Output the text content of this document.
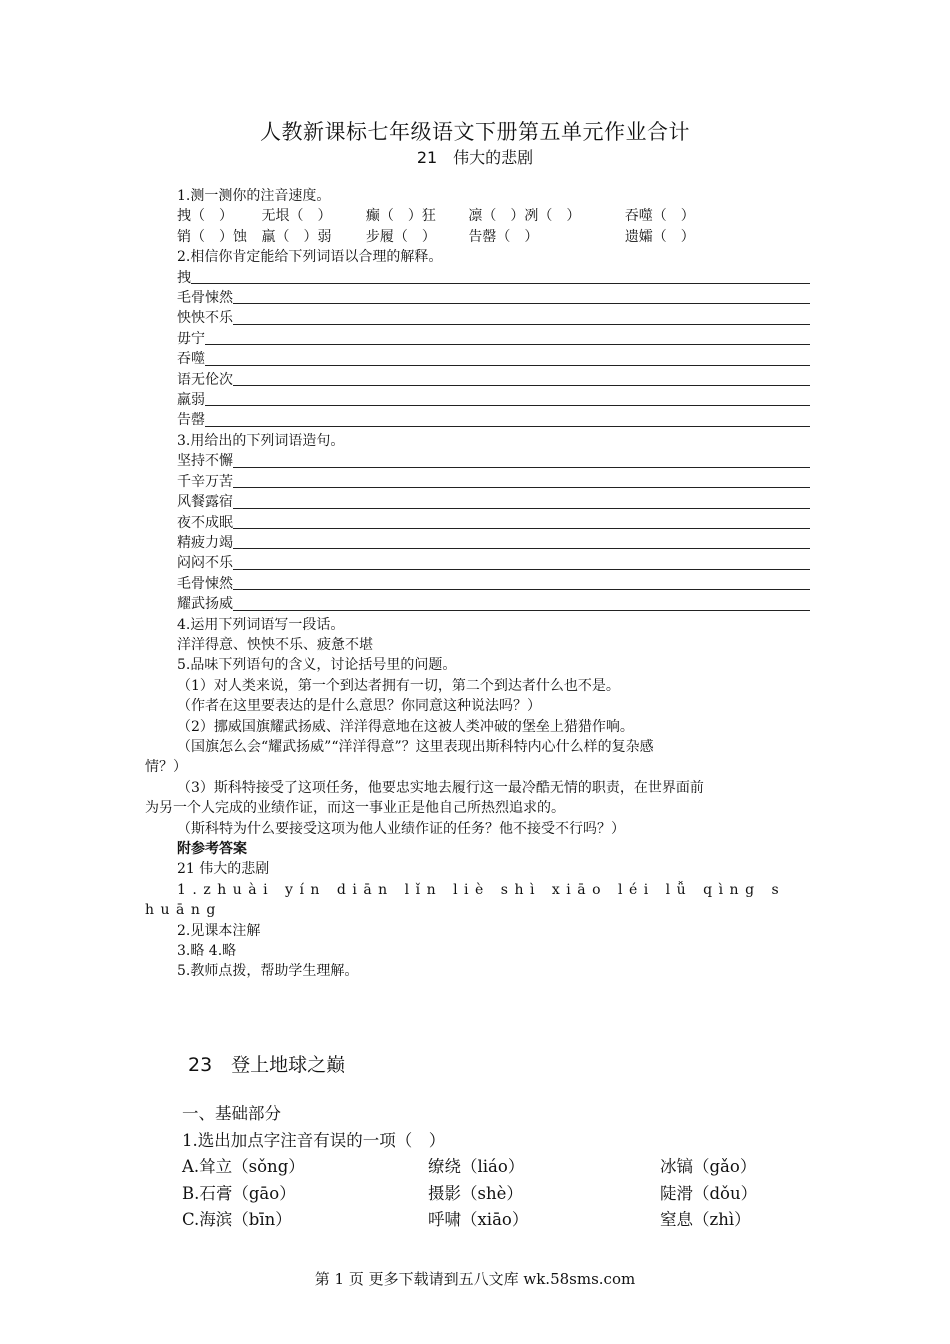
人教新课标七年级语文下册第五单元作业合计
21　伟大的悲剧
1.测一测你的注音速度。
拽（　） 无垠（　） 癫（　）狂 凛（　）冽（　）	吞噬（　）
销（　）蚀 羸（　）弱 步履（　） 告罄（　）	遗孀（　）
2.相信你肯定能给下列词语以合理的解释。
拽
毛骨悚然
怏怏不乐
毋宁
吞噬
语无伦次
羸弱
告罄
3.用给出的下列词语造句。
坚持不懈
千辛万苦
风餐露宿
夜不成眠
精疲力竭
闷闷不乐
毛骨悚然
耀武扬威
4.运用下列词语写一段话。
洋洋得意、怏怏不乐、疲惫不堪
5.品味下列语句的含义，讨论括号里的问题。
（1）对人类来说，第一个到达者拥有一切，第二个到达者什么也不是。
（作者在这里要表达的是什么意思？你同意这种说法吗？）
（2）挪威国旗耀武扬威、洋洋得意地在这被人类冲破的堡垒上猎猎作响。
（国旗怎么会“耀武扬威”“洋洋得意”？这里表现出斯科特内心什么样的复杂感
情？）
（3）斯科特接受了这项任务，他要忠实地去履行这一最冷酷无情的职责，在世界面前
为另一个人完成的业绩作证，而这一事业正是他自己所热烈追求的。
（斯科特为什么要接受这项为他人业绩作证的任务？他不接受不行吗？）
附参考答案
21 伟大的悲剧
1.zhuài yín diān lǐn liè shì xiāo léi lǚ qìng s
huāng
2.见课本注解
3.略 4.略
5.教师点拨，帮助学生理解。
23　登上地球之巅
一、基础部分
1.选出加点字注音有误的一项（　）
A.耸立（sǒng）	缭绕（liáo）	冰镐（gǎo）
B.石膏（gāo）	摄影（shè）	陡滑（dǒu）
C.海滨（bīn）	呼啸（xiāo）	窒息（zhì）
第 1 页 更多下载请到五八文库 wk.58sms.com
